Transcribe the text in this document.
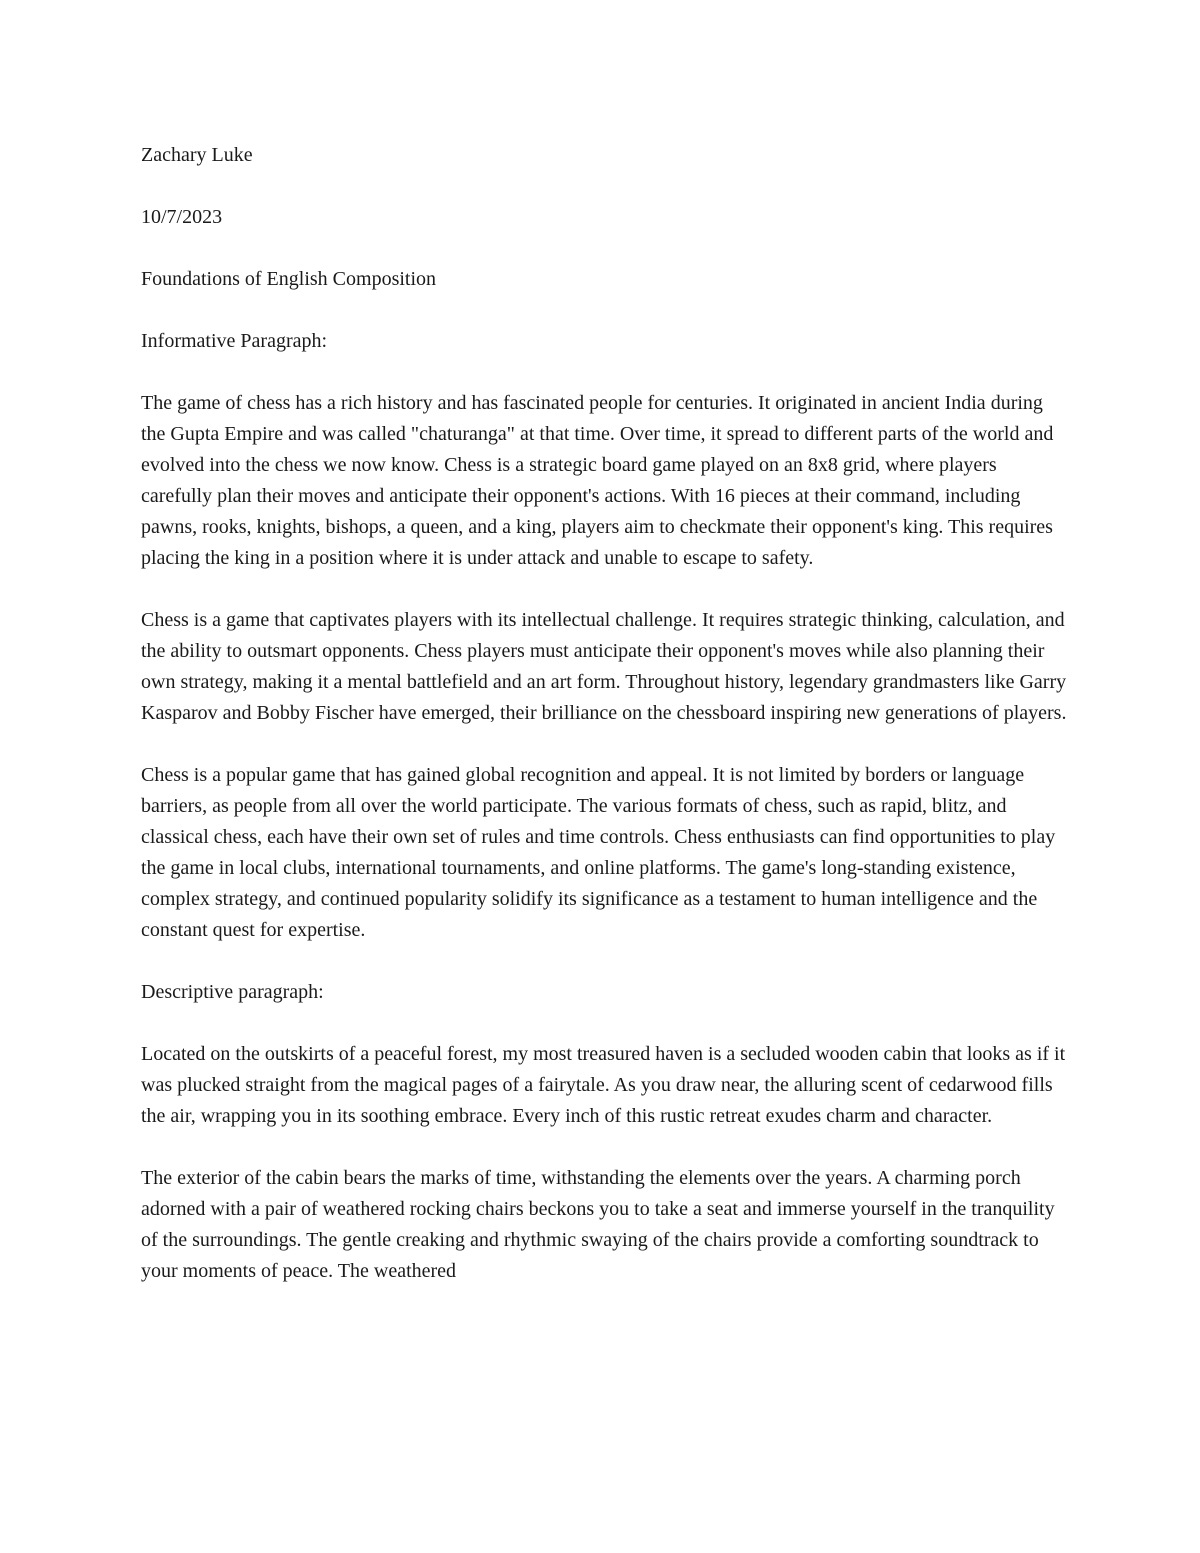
Zachary Luke

10/7/2023

Foundations of English Composition

Informative Paragraph:

The game of chess has a rich history and has fascinated people for centuries. It originated in ancient India during the Gupta Empire and was called "chaturanga" at that time. Over time, it spread to different parts of the world and evolved into the chess we now know. Chess is a strategic board game played on an 8x8 grid, where players carefully plan their moves and anticipate their opponent's actions. With 16 pieces at their command, including pawns, rooks, knights, bishops, a queen, and a king, players aim to checkmate their opponent's king. This requires placing the king in a position where it is under attack and unable to escape to safety.

Chess is a game that captivates players with its intellectual challenge. It requires strategic thinking, calculation, and the ability to outsmart opponents. Chess players must anticipate their opponent's moves while also planning their own strategy, making it a mental battlefield and an art form. Throughout history, legendary grandmasters like Garry Kasparov and Bobby Fischer have emerged, their brilliance on the chessboard inspiring new generations of players.

Chess is a popular game that has gained global recognition and appeal. It is not limited by borders or language barriers, as people from all over the world participate. The various formats of chess, such as rapid, blitz, and classical chess, each have their own set of rules and time controls. Chess enthusiasts can find opportunities to play the game in local clubs, international tournaments, and online platforms. The game's long-standing existence, complex strategy, and continued popularity solidify its significance as a testament to human intelligence and the constant quest for expertise.

Descriptive paragraph:

Located on the outskirts of a peaceful forest, my most treasured haven is a secluded wooden cabin that looks as if it was plucked straight from the magical pages of a fairytale. As you draw near, the alluring scent of cedarwood fills the air, wrapping you in its soothing embrace. Every inch of this rustic retreat exudes charm and character.

The exterior of the cabin bears the marks of time, withstanding the elements over the years. A charming porch adorned with a pair of weathered rocking chairs beckons you to take a seat and immerse yourself in the tranquility of the surroundings. The gentle creaking and rhythmic swaying of the chairs provide a comforting soundtrack to your moments of peace. The weathered
